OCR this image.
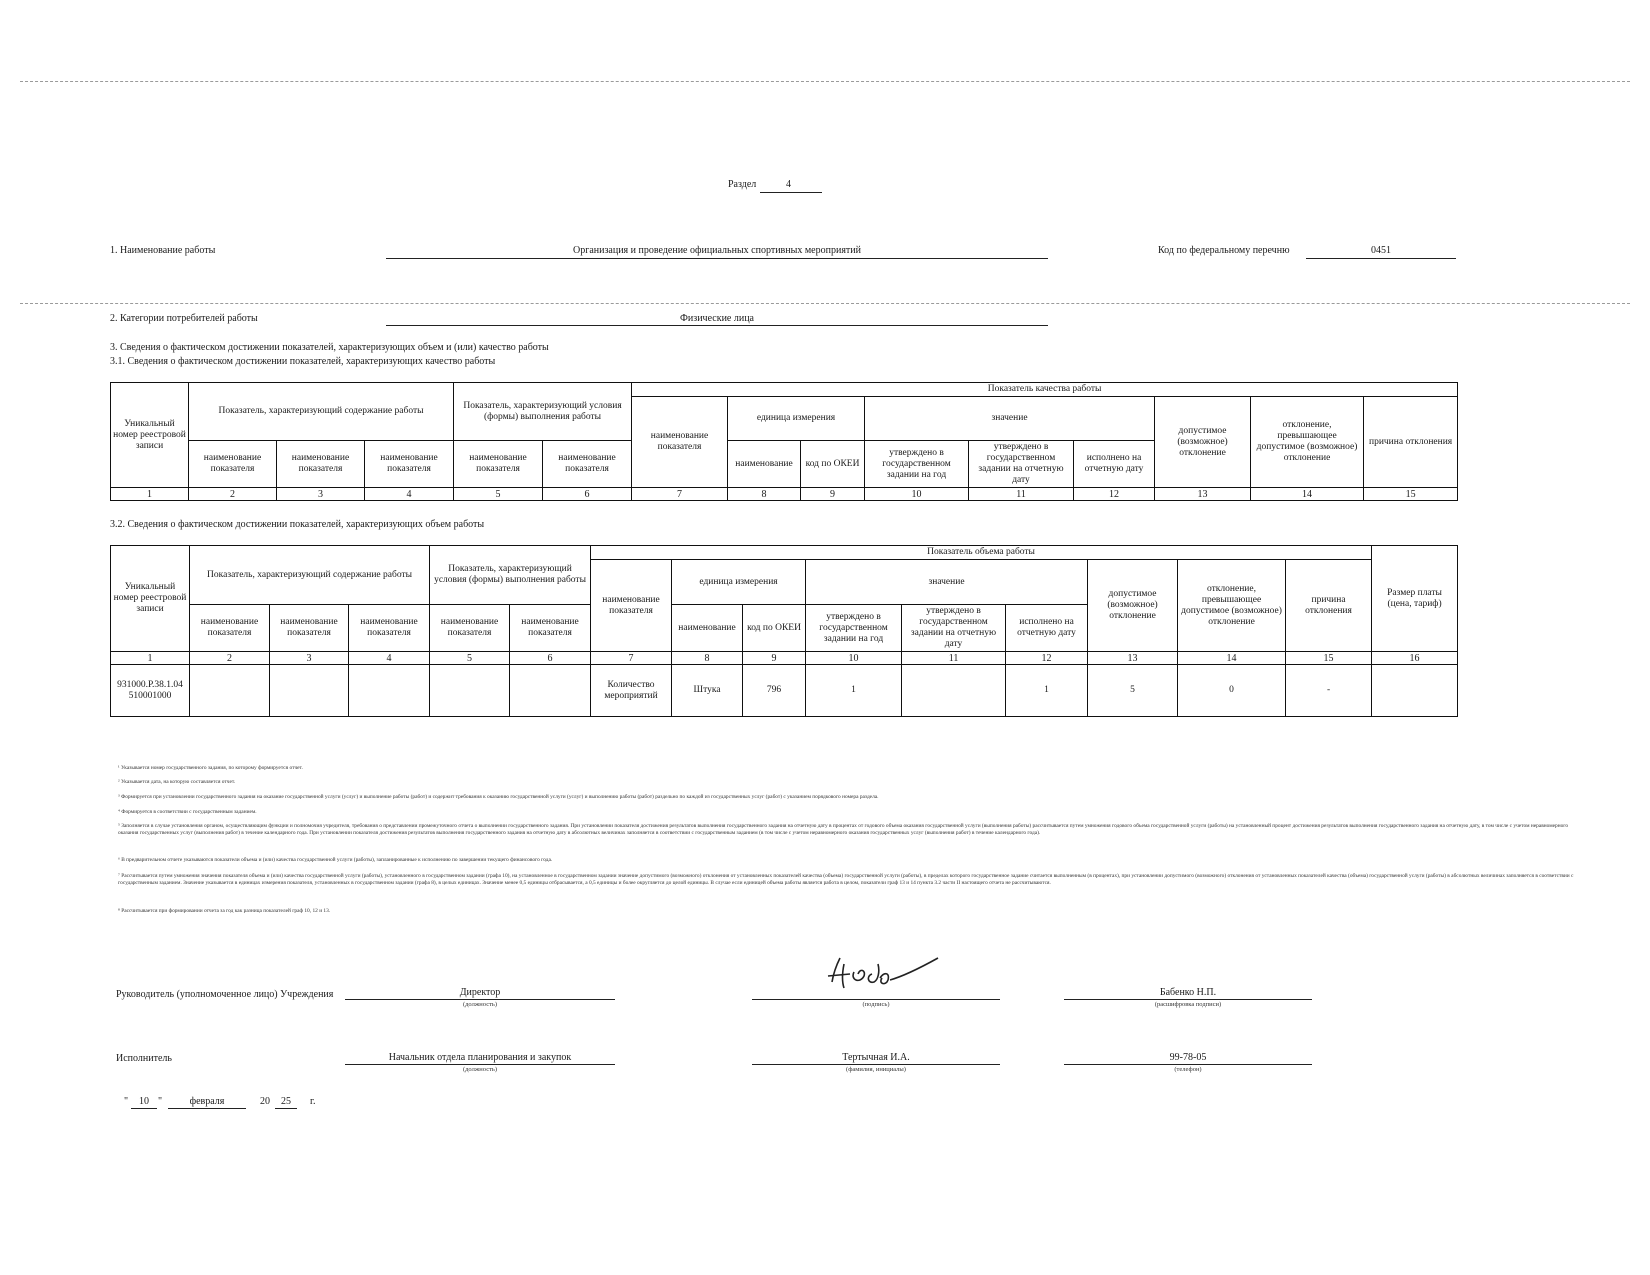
Раздел	4
1. Наименование работы	Организация и проведение официальных спортивных мероприятий	Код по федеральному перечню	0451
2. Категории потребителей работы	Физические лица
3. Сведения о фактическом достижении показателей, характеризующих объем и (или) качество работы
3.1. Сведения о фактическом достижении показателей, характеризующих качество работы
Уникальный номер реестровой записи	Показатель, характеризующий содержание работы			Показатель, характеризующий условия (формы) выполнения работы		Показатель качества работы								
						наименование показателя	единица измерения		значение			допустимое (возможное) отклонение	отклонение, превышающее допустимое (возможное) отклонение	причина отклонения
	наименование показателя	наименование показателя	наименование показателя	наименование показателя	наименование показателя		наименование	код по ОКЕИ	утверждено в государственном задании на год	утверждено в государственном задании на отчетную дату	исполнено на отчетную дату			
1	2	3	4	5	6	7	8	9	10	11	12	13	14	15
3.2. Сведения о фактическом достижении показателей, характеризующих объем работы
Уникальный номер реестровой записи	Показатель, характеризующий содержание работы			Показатель, характеризующий условия (формы) выполнения работы		Показатель объема работы									Размер платы (цена, тариф)
						наименование показателя	единица измерения		значение			допустимое (возможное) отклонение	отклонение, превышающее допустимое (возможное) отклонение	причина отклонения	
	наименование показателя	наименование показателя	наименование показателя	наименование показателя	наименование показателя		наименование	код по ОКЕИ	утверждено в государственном задании на год	утверждено в государственном задании на отчетную дату	исполнено на отчетную дату				
1	2	3	4	5	6	7	8	9	10	11	12	13	14	15	16
931000.Р.38.1.04 510001000						Количество мероприятий	Штука	796	1		1	5	0	-	
¹ Указывается номер государственного задания, по которому формируется отчет.
² Указывается дата, на которую составляется отчет.
³ Формируется при установлении государственного задания на оказание государственной услуги (услуг) и выполнение работы (работ) и содержит требования к оказанию государственной услуги (услуг) и выполнению работы (работ) раздельно по каждой из государственных услуг (работ) с указанием порядкового номера раздела.
⁴ Формируется в соответствии с государственным заданием.
⁵ Заполняется в случае установления органом, осуществляющим функции и полномочия учредителя, требования о представлении промежуточного отчета о выполнении государственного задания. При установлении показателя достижения результатов выполнения государственного задания на отчетную дату в процентах от годового объема оказания государственной услуги (выполнения работы) рассчитывается путем умножения годового объема государственной услуги (работы) на установленный процент достижения результатов выполнения государственного задания на отчетную дату, в том числе с учетом неравномерного оказания государственных услуг (выполнения работ) в течение календарного года. При установлении показателя достижения результатов выполнения государственного задания на отчетную дату в абсолютных величинах заполняется в соответствии с государственным заданием (в том числе с учетом неравномерного оказания государственных услуг (выполнения работ) в течение календарного года).
⁶ В предварительном отчете указываются показатели объема и (или) качества государственной услуги (работы), запланированные к исполнению по завершении текущего финансового года.
⁷ Рассчитывается путем умножения значения показателя объема и (или) качества государственной услуги (работы), установленного в государственном задании (графа 10), на установленное в государственном задании значение допустимого (возможного) отклонения от установленных показателей качества (объема) государственной услуги (работы), в пределах которого государственное задание считается выполненным (в процентах), при установлении допустимого (возможного) отклонения от установленных показателей качества (объема) государственной услуги (работы) в абсолютных величинах заполняется в соответствии с государственным заданием. Значение указывается в единицах измерения показателя, установленных в государственном задании (графа 8), в целых единицах. Значение менее 0,5 единицы отбрасывается, а 0,5 единицы и более округляется до целой единицы. В случае если единицей объема работы является работа в целом, показатели граф 13 и 14 пункта 3.2 части II настоящего отчета не рассчитываются.
⁸ Рассчитывается при формировании отчета за год как разница показателей граф 10, 12 и 13.
Руководитель (уполномоченное лицо) Учреждения	Директор
(должность)	(подпись)
Бабенко Н.П.
(расшифровка подписи)
Исполнитель	Начальник отдела планирования и закупок
(должность)
Тертычная И.А.
(фамилия, инициалы)
99-78-05
(телефон)
"	10 "	февраля	20	25	г.
